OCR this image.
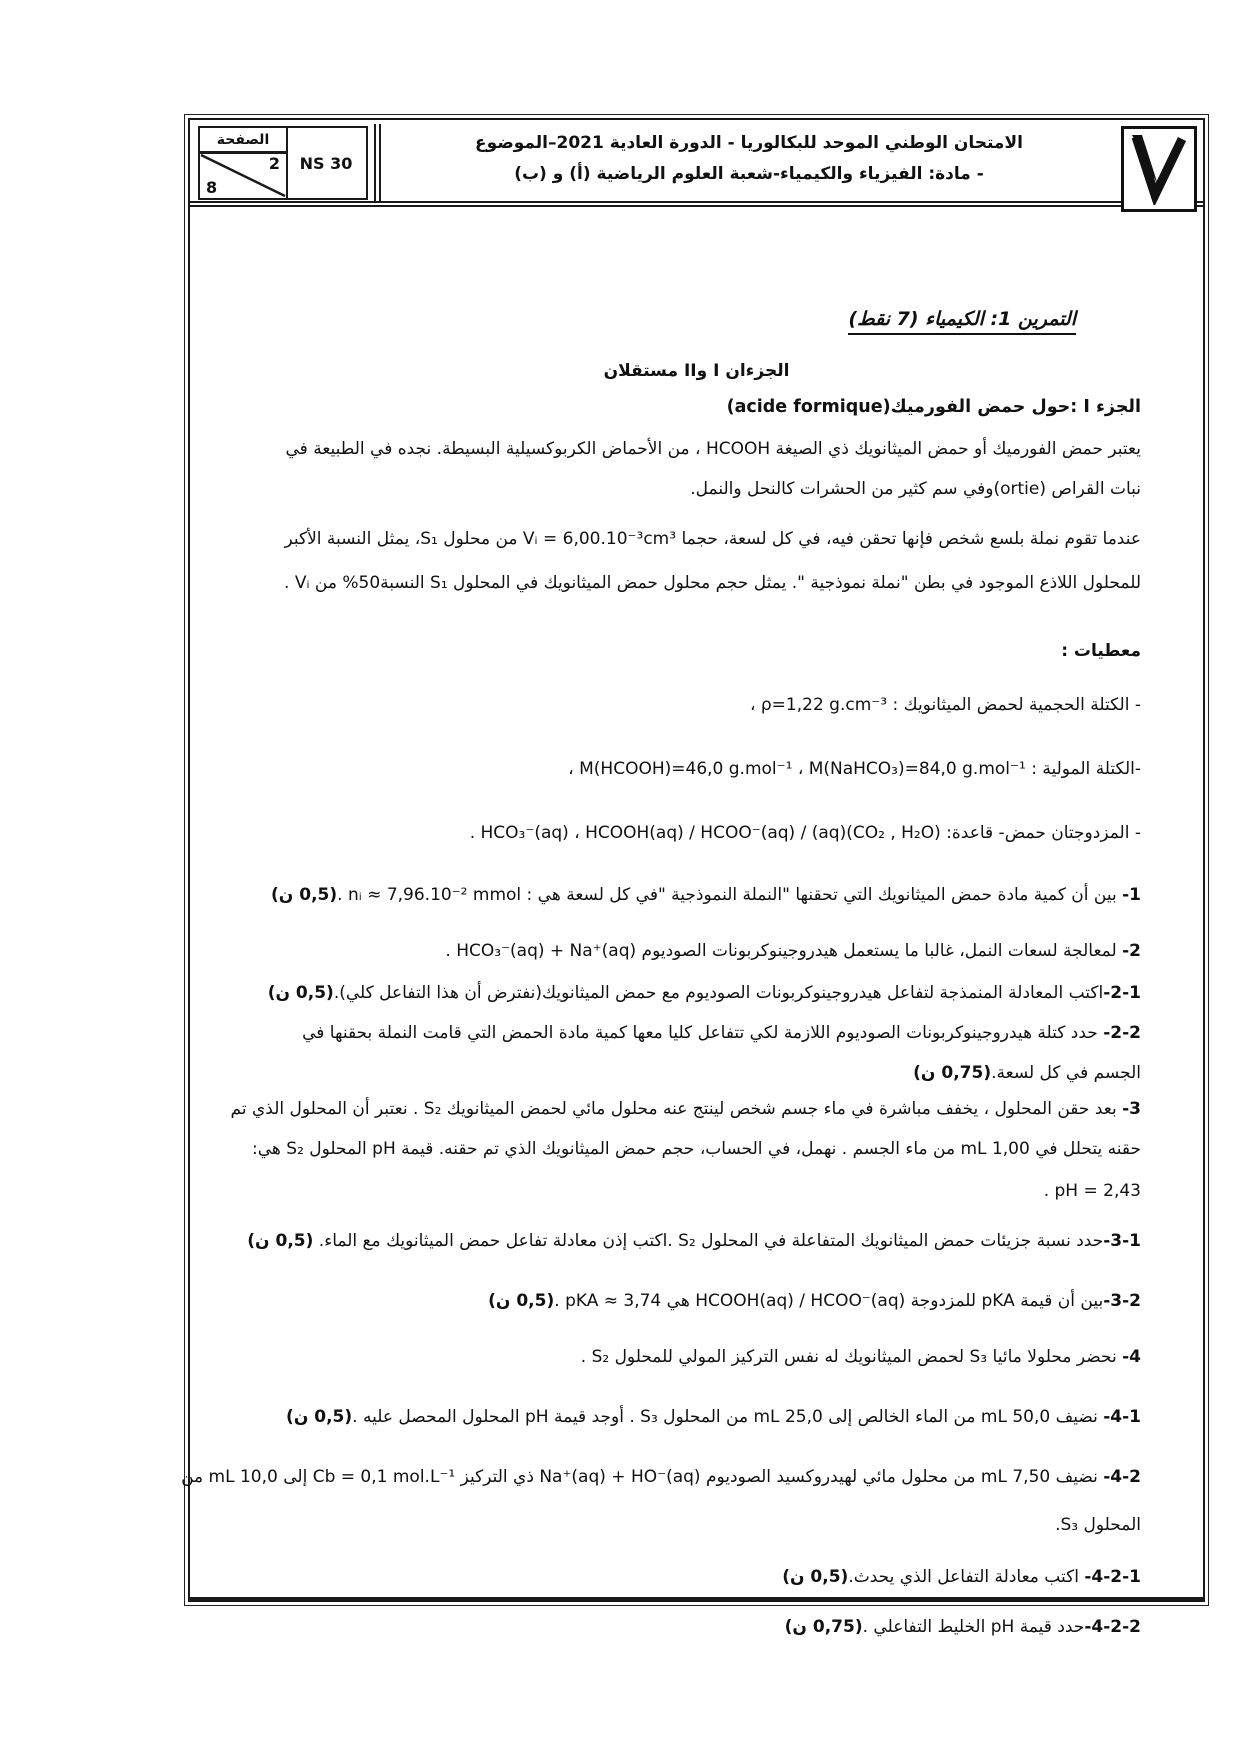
الصفحة
2
8
NS 30
الامتحان الوطني الموحد للبكالوريا - الدورة العادية 2021–الموضوع
- مادة: الفيزياء والكيمياء-شعبة العلوم الرياضية (أ) و (ب)
التمرين 1: الكيمياء (7 نقط)
الجزءان I وII مستقلان
الجزء I :حول حمض الفورميك(acide formique)
يعتبر حمض الفورميك أو حمض الميثانويك ذي الصيغة HCOOH ، من الأحماض الكربوكسيلية البسيطة. نجده في الطبيعة في
نبات القراص (ortie)وفي سم كثير من الحشرات كالنحل والنمل.
عندما تقوم نملة بلسع شخص فإنها تحقن فيه، في كل لسعة، حجما Vᵢ = 6,00.10⁻³cm³ من محلول S₁، يمثل النسبة الأكبر
للمحلول اللاذع الموجود في بطن "نملة نموذجية ". يمثل حجم محلول حمض الميثانويك في المحلول S₁ النسبة50% من Vᵢ .
معطيات :
- الكتلة الحجمية لحمض الميثانويك : ρ=1,22 g.cm⁻³ ،
-الكتلة المولية : M(HCOOH)=46,0 g.mol⁻¹ ، M(NaHCO₃)=84,0 g.mol⁻¹ ،
- المزدوجتان حمض- قاعدة: (CO₂ , H₂O)(aq) / HCO₃⁻(aq) ، HCOOH(aq) / HCOO⁻(aq) .
1- بين أن كمية مادة حمض الميثانويك التي تحقنها "النملة النموذجية "في كل لسعة هي : nᵢ ≈ 7,96.10⁻² mmol .(0,5 ن)
2- لمعالجة لسعات النمل، غالبا ما يستعمل هيدروجينوكربونات الصوديوم HCO₃⁻(aq) + Na⁺(aq) .
2-1-اكتب المعادلة المنمذجة لتفاعل هيدروجينوكربونات الصوديوم مع حمض الميثانويك(نفترض أن هذا التفاعل كلي).(0,5 ن)
2-2- حدد كتلة هيدروجينوكربونات الصوديوم اللازمة لكي تتفاعل كليا معها كمية مادة الحمض التي قامت النملة بحقنها في
الجسم في كل لسعة.(0,75 ن)
3- بعد حقن المحلول ، يخفف مباشرة في ماء جسم شخص لينتج عنه محلول مائي لحمض الميثانويك S₂ . نعتبر أن المحلول الذي تم
حقنه يتحلل في 1,00 mL من ماء الجسم . نهمل، في الحساب، حجم حمض الميثانويك الذي تم حقنه. قيمة pH المحلول S₂ هي:
pH = 2,43 .
3-1-حدد نسبة جزيئات حمض الميثانويك المتفاعلة في المحلول S₂ .اكتب إذن معادلة تفاعل حمض الميثانويك مع الماء. (0,5 ن)
3-2-بين أن قيمة pKA للمزدوجة HCOOH(aq) / HCOO⁻(aq) هي pKA ≈ 3,74 .(0,5 ن)
4- نحضر محلولا مائيا S₃ لحمض الميثانويك له نفس التركيز المولي للمحلول S₂ .
4-1- نضيف 50,0 mL من الماء الخالص إلى 25,0 mL من المحلول S₃ . أوجد قيمة pH المحلول المحصل عليه .(0,5 ن)
4-2- نضيف 7,50 mL من محلول مائي لهيدروكسيد الصوديوم Na⁺(aq) + HO⁻(aq) ذي التركيز Cb = 0,1 mol.L⁻¹ إلى 10,0 mL من
المحلول S₃.
4-2-1- اكتب معادلة التفاعل الذي يحدث.(0,5 ن)
4-2-2-حدد قيمة pH الخليط التفاعلي .(0,75 ن)
